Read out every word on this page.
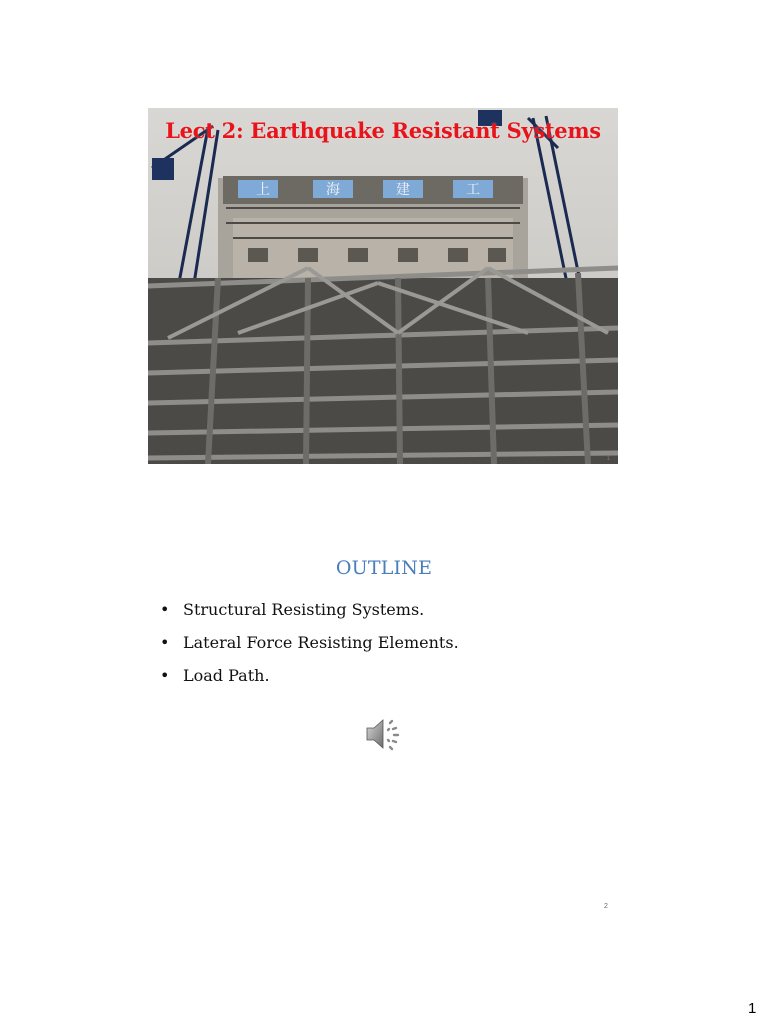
上	海	建	工
Lect 2: Earthquake Resistant Systems
1
OUTLINE
• Structural Resisting Systems.
• Lateral Force Resisting Elements.
• Load Path.
2
1
